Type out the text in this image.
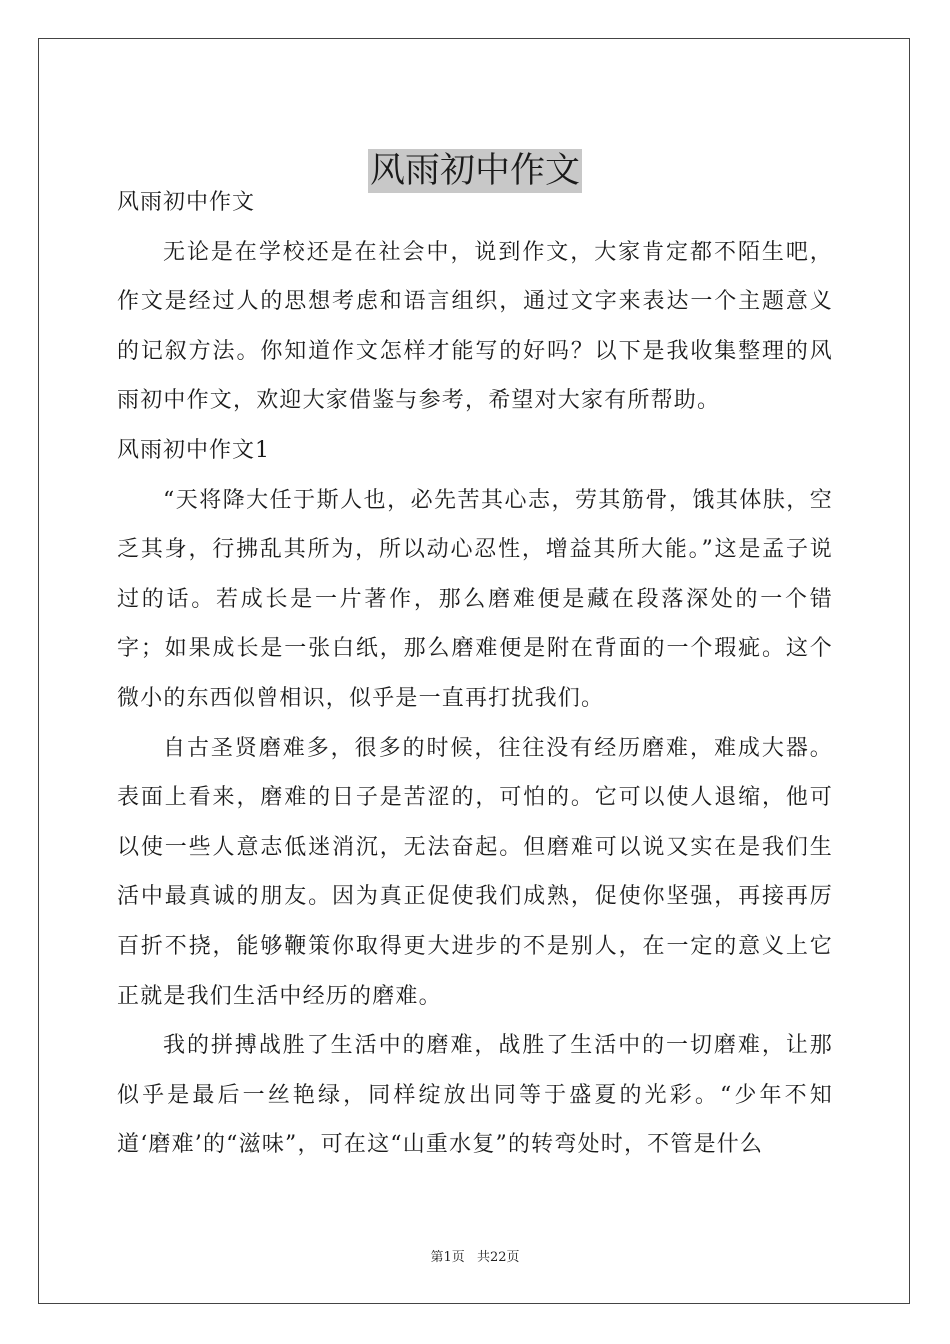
风雨初中作文

风雨初中作文

无论是在学校还是在社会中，说到作文，大家肯定都不陌生吧，作文是经过人的思想考虑和语言组织，通过文字来表达一个主题意义的记叙方法。你知道作文怎样才能写的好吗？以下是我收集整理的风雨初中作文，欢迎大家借鉴与参考，希望对大家有所帮助。

风雨初中作文1

“天将降大任于斯人也，必先苦其心志，劳其筋骨，饿其体肤，空乏其身，行拂乱其所为，所以动心忍性，增益其所大能。”这是孟子说过的话。若成长是一片著作，那么磨难便是藏在段落深处的一个错字；如果成长是一张白纸，那么磨难便是附在背面的一个瑕疵。这个微小的东西似曾相识，似乎是一直再打扰我们。

自古圣贤磨难多，很多的时候，往往没有经历磨难，难成大器。表面上看来，磨难的日子是苦涩的，可怕的。它可以使人退缩，他可以使一些人意志低迷消沉，无法奋起。但磨难可以说又实在是我们生活中最真诚的朋友。因为真正促使我们成熟，促使你坚强，再接再厉百折不挠，能够鞭策你取得更大进步的不是别人，在一定的意义上它正就是我们生活中经历的磨难。

我的拼搏战胜了生活中的磨难，战胜了生活中的一切磨难，让那似乎是最后一丝艳绿，同样绽放出同等于盛夏的光彩。“少年不知道‘磨难’的“滋味”，可在这“山重水复”的转弯处时，不管是什么

第1页 共22页
